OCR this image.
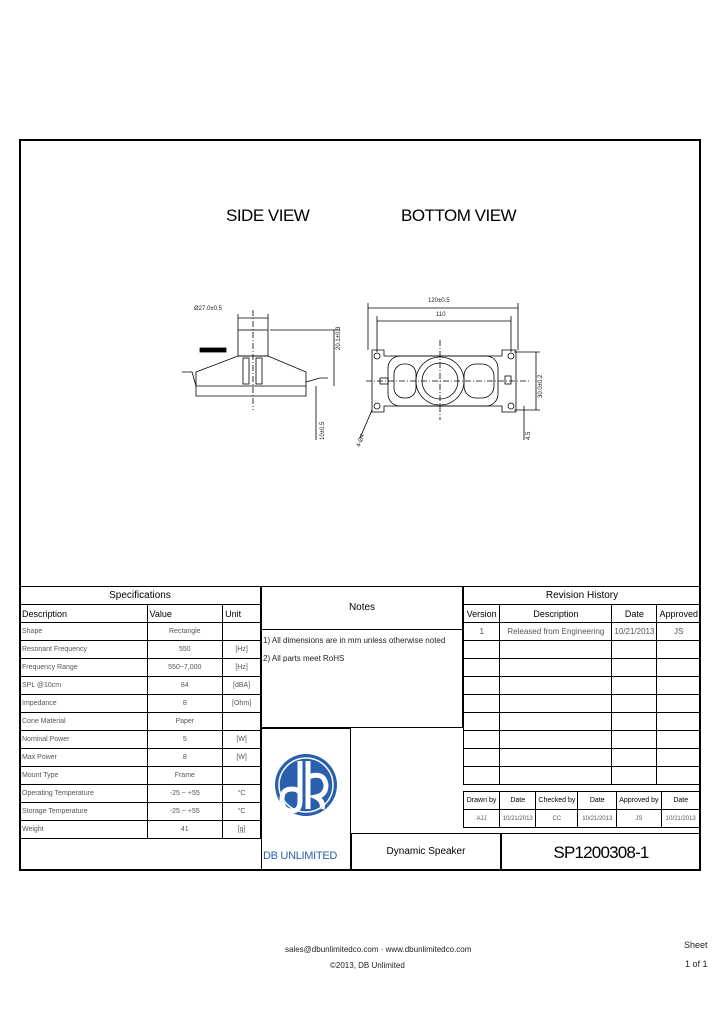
SIDE VIEW	BOTTOM VIEW
Ø27.0±0.5
20.1±0.3
10±0.5
120±0.5
110
30.0±0.2
4.5
4-Ø4
Specifications		
Description	Value	Unit
Shape	Rectangle	
Resonant Frequency	550	[Hz]
Frequency Range	550~7,000	[Hz]
SPL @10cm	84	[dBA]
Impedance	8	[Ohm]
Cone Material	Paper	
Nominal Power	5	[W]
Max Power	8	[W]
Mount Type	Frame	
Operating Temperature	-25 ~ +55	°C
Storage Temperature	-25 ~ +55	°C
Weight	41	[g]
Notes
1) All dimensions are in mm unless otherwise noted
2) All parts meet RoHS
DB UNLIMITED	Dynamic Speaker	SP1200308-1
Revision History			
Version	Description	Date	Approved
1	Released from Engineering	10/21/2013	JS

Drawn by	Date	Checked by	Date	Approved by	Date
AJJ	10/21/2013	CC	10/21/2013	JS	10/21/2013
sales@dbunlimitedco.com · www.dbunlimitedco.com
©2013, DB Unlimited
Sheet
1 of 1
